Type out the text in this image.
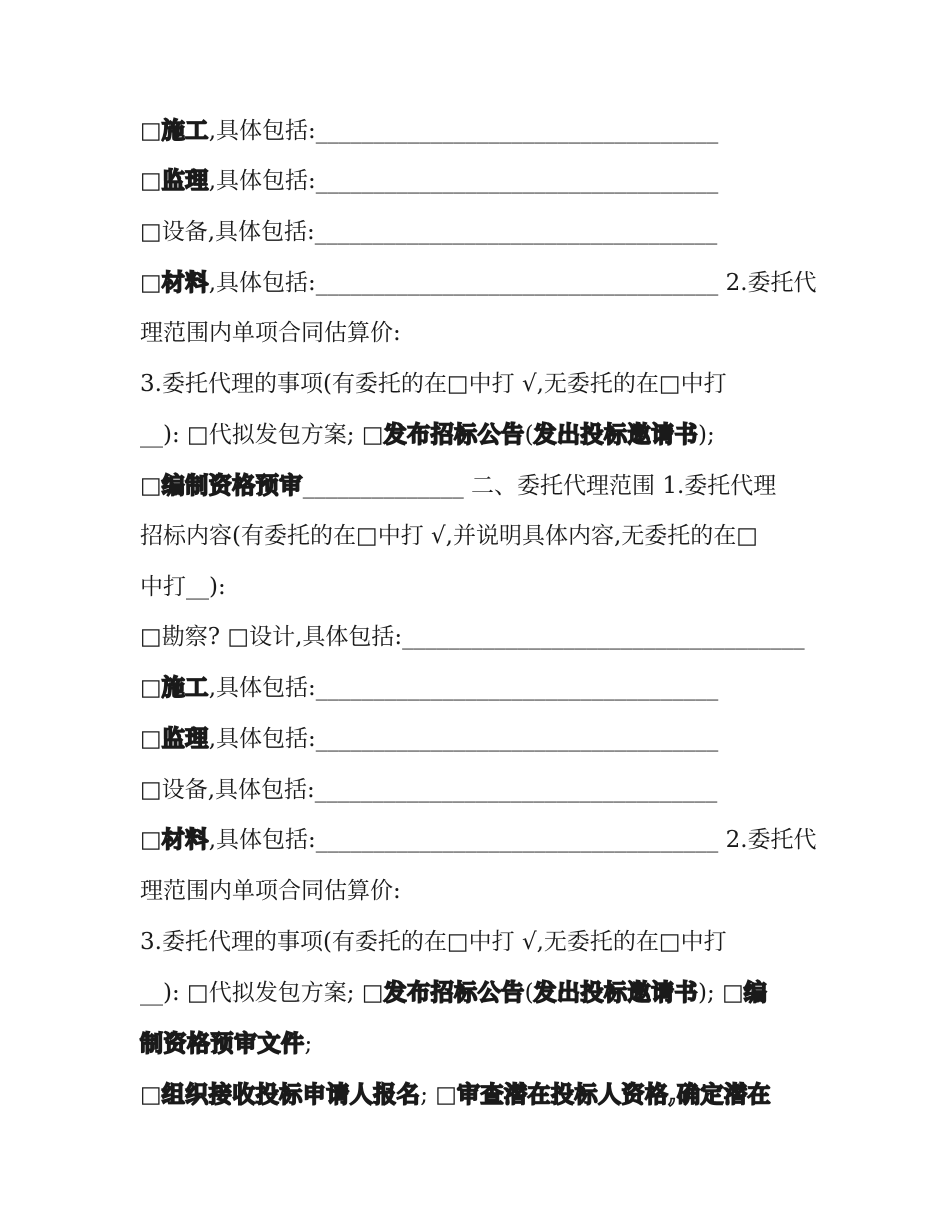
□施工,具体包括:___________________________________
□监理,具体包括:___________________________________
□设备,具体包括:___________________________________
□材料,具体包括:___________________________________ 2.委托代
理范围内单项合同估算价:
3.委托代理的事项(有委托的在□中打 √,无委托的在□中打
__): □代拟发包方案; □发布招标公告(发出投标邀请书);
□编制资格预审______________ 二、委托代理范围 1.委托代理
招标内容(有委托的在□中打 √,并说明具体内容,无委托的在□
中打__):
□勘察? □设计,具体包括:___________________________________
□施工,具体包括:___________________________________
□监理,具体包括:___________________________________
□设备,具体包括:___________________________________
□材料,具体包括:___________________________________ 2.委托代
理范围内单项合同估算价:
3.委托代理的事项(有委托的在□中打 √,无委托的在□中打
__): □代拟发包方案; □发布招标公告(发出投标邀请书); □编
制资格预审文件;
□组织接收投标申请人报名; □审查潜在投标人资格,确定潜在
